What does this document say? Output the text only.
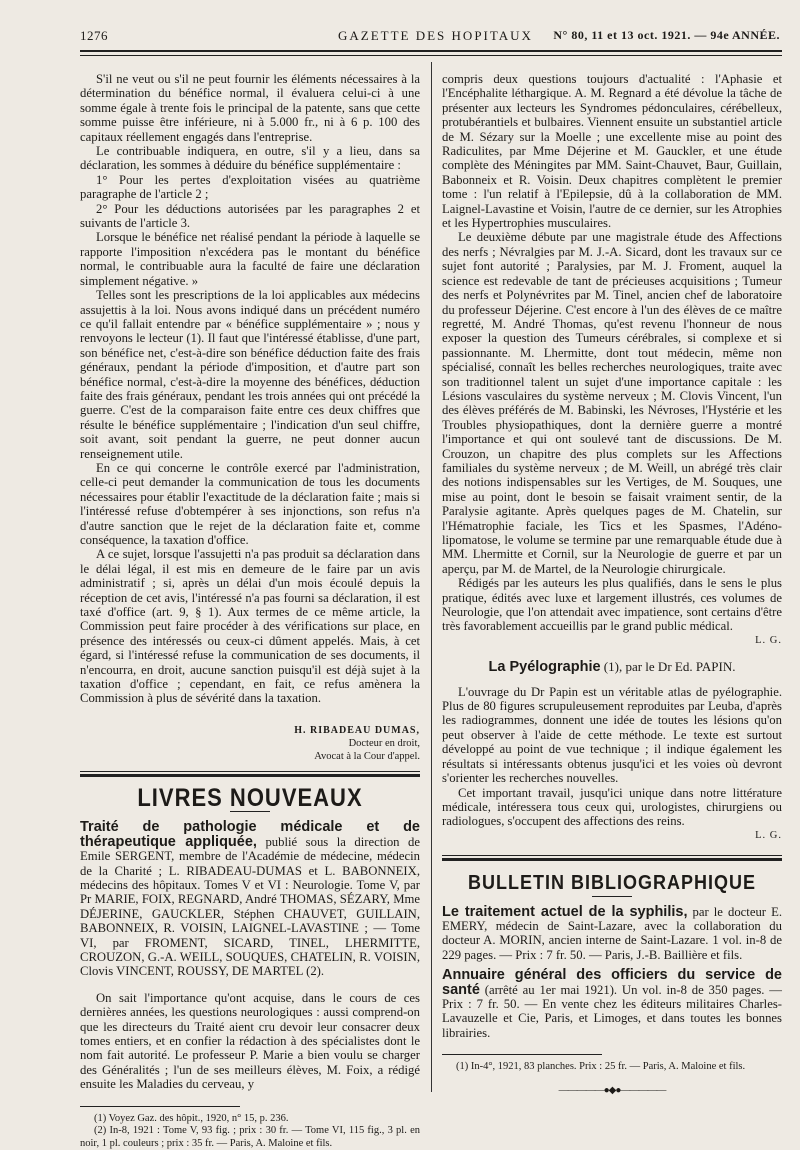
1276	GAZETTE DES HOPITAUX N° 80, 11 et 13 oct. 1921. — 94e ANNÉE.

S'il ne veut ou s'il ne peut fournir les éléments nécessaires à la détermination du bénéfice normal, il évaluera celui-ci à une somme égale à trente fois le principal de la patente, sans que cette somme puisse être inférieure, ni à 5.000 fr., ni à 6 p. 100 des capitaux réellement engagés dans l'entreprise.

Le contribuable indiquera, en outre, s'il y a lieu, dans sa déclaration, les sommes à déduire du bénéfice supplémentaire :

1° Pour les pertes d'exploitation visées au quatrième paragraphe de l'article 2 ;

2° Pour les déductions autorisées par les paragraphes 2 et suivants de l'article 3.

Lorsque le bénéfice net réalisé pendant la période à laquelle se rapporte l'imposition n'excédera pas le montant du bénéfice normal, le contribuable aura la faculté de faire une déclaration simplement négative. »

Telles sont les prescriptions de la loi applicables aux médecins assujettis à la loi. Nous avons indiqué dans un précédent numéro ce qu'il fallait entendre par « bénéfice supplémentaire » ; nous y renvoyons le lecteur (1). Il faut que l'intéressé établisse, d'une part, son bénéfice net, c'est-à-dire son bénéfice déduction faite des frais généraux, pendant la période d'imposition, et d'autre part son bénéfice normal, c'est-à-dire la moyenne des bénéfices, déduction faite des frais généraux, pendant les trois années qui ont précédé la guerre. C'est de la comparaison faite entre ces deux chiffres que résulte le bénéfice supplémentaire ; l'indication d'un seul chiffre, soit avant, soit pendant la guerre, ne peut donner aucun renseignement utile.

En ce qui concerne le contrôle exercé par l'administration, celle-ci peut demander la communication de tous les documents nécessaires pour établir l'exactitude de la déclaration faite ; mais si l'intéressé refuse d'obtempérer à ses injonctions, son refus n'a d'autre sanction que le rejet de la déclaration faite et, comme conséquence, la taxation d'office.

A ce sujet, lorsque l'assujetti n'a pas produit sa déclaration dans le délai légal, il est mis en demeure de le faire par un avis administratif ; si, après un délai d'un mois écoulé depuis la réception de cet avis, l'intéressé n'a pas fourni sa déclaration, il est taxé d'office (art. 9, § 1). Aux termes de ce même article, la Commission peut faire procéder à des vérifications sur place, en présence des intéressés ou ceux-ci dûment appelés. Mais, à cet égard, si l'intéressé refuse la communication de ses documents, il n'encourra, en droit, aucune sanction puisqu'il est déjà sujet à la taxation d'office ; cependant, en fait, ce refus amènera la Commission à plus de sévérité dans la taxation.

H. RIBADEAU DUMAS,
Docteur en droit,
Avocat à la Cour d'appel.
LIVRES NOUVEAUX

Traité de pathologie médicale et de thérapeutique appliquée, publié sous la direction de Emile SERGENT, membre de l'Académie de médecine, médecin de la Charité ; L. RIBADEAU-DUMAS et L. BABONNEIX, médecins des hôpitaux. Tomes V et VI : Neurologie. Tome V, par Pr MARIE, FOIX, REGNARD, André THOMAS, SÉZARY, Mme DÉJERINE, GAUCKLER, Stéphen CHAUVET, GUILLAIN, BABONNEIX, R. VOISIN, LAIGNEL-LAVASTINE ; — Tome VI, par FROMENT, SICARD, TINEL, LHERMITTE, CROUZON, G.-A. WEILL, SOUQUES, CHATELIN, R. VOISIN, Clovis VINCENT, ROUSSY, DE MARTEL (2).

On sait l'importance qu'ont acquise, dans le cours de ces dernières années, les questions neurologiques : aussi comprend-on que les directeurs du Traité aient cru devoir leur consacrer deux tomes entiers, et en confier la rédaction à des spécialistes dont le nom fait autorité. Le professeur P. Marie a bien voulu se charger des Généralités ; l'un de ses meilleurs élèves, M. Foix, a rédigé ensuite les Maladies du cerveau, y

(1) Voyez Gaz. des hôpit., 1920, n° 15, p. 236.

(2) In-8, 1921 : Tome V, 93 fig. ; prix : 30 fr. — Tome VI, 115 fig., 3 pl. en noir, 1 pl. couleurs ; prix : 35 fr. — Paris, A. Maloine et fils.

compris deux questions toujours d'actualité : l'Aphasie et l'Encéphalite léthargique. A. M. Regnard a été dévolue la tâche de présenter aux lecteurs les Syndromes pédonculaires, cérébelleux, protubérantiels et bulbaires. Viennent ensuite un substantiel article de M. Sézary sur la Moelle ; une excellente mise au point des Radiculites, par Mme Déjerine et M. Gauckler, et une étude complète des Méningites par MM. Saint-Chauvet, Baur, Guillain, Babonneix et R. Voisin. Deux chapitres complètent le premier tome : l'un relatif à l'Epilepsie, dû à la collaboration de MM. Laignel-Lavastine et Voisin, l'autre de ce dernier, sur les Atrophies et les Hypertrophies musculaires.

Le deuxième débute par une magistrale étude des Affections des nerfs ; Névralgies par M. J.-A. Sicard, dont les travaux sur ce sujet font autorité ; Paralysies, par M. J. Froment, auquel la science est redevable de tant de précieuses acquisitions ; Tumeur des nerfs et Polynévrites par M. Tinel, ancien chef de laboratoire du professeur Déjerine. C'est encore à l'un des élèves de ce maître regretté, M. André Thomas, qu'est revenu l'honneur de nous exposer la question des Tumeurs cérébrales, si complexe et si passionnante. M. Lhermitte, dont tout médecin, même non spécialisé, connaît les belles recherches neurologiques, traite avec son traditionnel talent un sujet d'une importance capitale : les Lésions vasculaires du système nerveux ; M. Clovis Vincent, l'un des élèves préférés de M. Babinski, les Névroses, l'Hystérie et les Troubles physiopathiques, dont la dernière guerre a montré l'importance et qui ont soulevé tant de discussions. De M. Crouzon, un chapitre des plus complets sur les Affections familiales du système nerveux ; de M. Weill, un abrégé très clair des notions indispensables sur les Vertiges, de M. Souques, une mise au point, dont le besoin se faisait vraiment sentir, de la Paralysie agitante. Après quelques pages de M. Chatelin, sur l'Hématrophie faciale, les Tics et les Spasmes, l'Adéno-lipomatose, le volume se termine par une remarquable étude due à MM. Lhermitte et Cornil, sur la Neurologie de guerre et par un aperçu, par M. de Martel, de la Neurologie chirurgicale.

Rédigés par les auteurs les plus qualifiés, dans le sens le plus pratique, édités avec luxe et largement illustrés, ces volumes de Neurologie, que l'on attendait avec impatience, sont certains d'être très favorablement accueillis par le grand public médical.

L. G.
La Pyélographie (1), par le Dr Ed. PAPIN.

L'ouvrage du Dr Papin est un véritable atlas de pyélographie. Plus de 80 figures scrupuleusement reproduites par Leuba, d'après les radiogrammes, donnent une idée de toutes les lésions qu'on peut observer à l'aide de cette méthode. Le texte est surtout développé au point de vue technique ; il indique également les résultats si intéressants obtenus jusqu'ici et les voies où devront s'orienter les recherches nouvelles.

Cet important travail, jusqu'ici unique dans notre littérature médicale, intéressera tous ceux qui, urologistes, chirurgiens ou radiologues, s'occupent des affections des reins.

L. G.
BULLETIN BIBLIOGRAPHIQUE

Le traitement actuel de la syphilis, par le docteur E. EMERY, médecin de Saint-Lazare, avec la collaboration du docteur A. MORIN, ancien interne de Saint-Lazare. 1 vol. in-8 de 229 pages. — Prix : 7 fr. 50. — Paris, J.-B. Baillière et fils.

Annuaire général des officiers du service de santé (arrêté au 1er mai 1921). Un vol. in-8 de 350 pages. — Prix : 7 fr. 50. — En vente chez les éditeurs militaires Charles-Lavauzelle et Cie, Paris, et Limoges, et dans toutes les bonnes librairies.

(1) In-4°, 1921, 83 planches. Prix : 25 fr. — Paris, A. Maloine et fils.

—————●◆●—————
